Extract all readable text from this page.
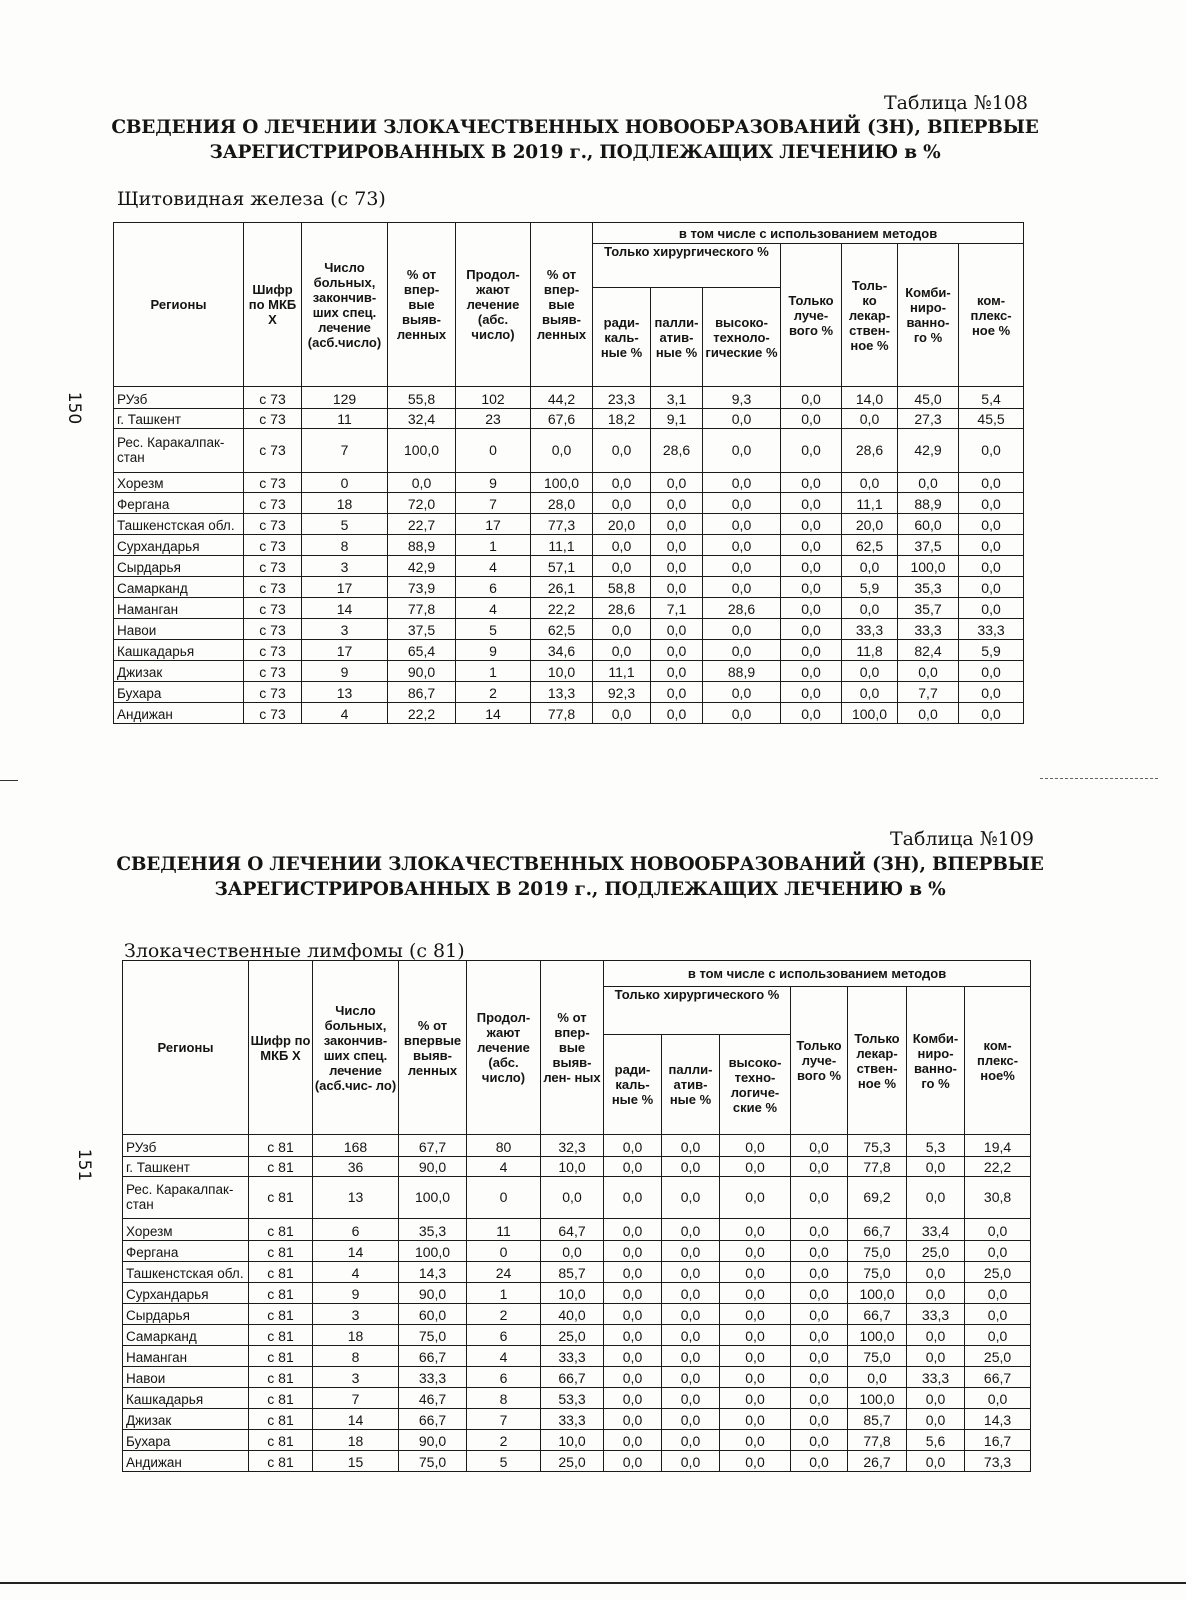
Таблица №108
СВЕДЕНИЯ О ЛЕЧЕНИИ ЗЛОКАЧЕСТВЕННЫХ НОВООБРАЗОВАНИЙ (ЗН), ВПЕРВЫЕ
ЗАРЕГИСТРИРОВАННЫХ В 2019 г., ПОДЛЕЖАЩИХ ЛЕЧЕНИЮ в %
Щитовидная железа (с 73)
150
Регионы	Шифр по МКБ Х	Число больных, закончив- ших спец. лечение (асб.число)	% от впер- вые выяв- ленных	Продол- жают лечение (абс. число)	% от впер- вые выяв- ленных	в том числе с использованием методов						
						Только хирургического %			Только луче- вого %	Толь- ко лекар- ствен- ное %	Комби- ниро- ванно- го %	ком- плекс- ное %
						ради- каль- ные %	палли- атив- ные %	высоко- техноло- гические %				
РУзб	с 73	129	55,8	102	44,2	23,3	3,1	9,3	0,0	14,0	45,0	5,4
г. Ташкент	с 73	11	32,4	23	67,6	18,2	9,1	0,0	0,0	0,0	27,3	45,5
Рес. Каракалпак- стан	с 73	7	100,0	0	0,0	0,0	28,6	0,0	0,0	28,6	42,9	0,0
Хорезм	с 73	0	0,0	9	100,0	0,0	0,0	0,0	0,0	0,0	0,0	0,0
Фергана	с 73	18	72,0	7	28,0	0,0	0,0	0,0	0,0	11,1	88,9	0,0
Ташкенстская обл.	с 73	5	22,7	17	77,3	20,0	0,0	0,0	0,0	20,0	60,0	0,0
Сурхандарья	с 73	8	88,9	1	11,1	0,0	0,0	0,0	0,0	62,5	37,5	0,0
Сырдарья	с 73	3	42,9	4	57,1	0,0	0,0	0,0	0,0	0,0	100,0	0,0
Самарканд	с 73	17	73,9	6	26,1	58,8	0,0	0,0	0,0	5,9	35,3	0,0
Наманган	с 73	14	77,8	4	22,2	28,6	7,1	28,6	0,0	0,0	35,7	0,0
Навои	с 73	3	37,5	5	62,5	0,0	0,0	0,0	0,0	33,3	33,3	33,3
Кашкадарья	с 73	17	65,4	9	34,6	0,0	0,0	0,0	0,0	11,8	82,4	5,9
Джизак	с 73	9	90,0	1	10,0	11,1	0,0	88,9	0,0	0,0	0,0	0,0
Бухара	с 73	13	86,7	2	13,3	92,3	0,0	0,0	0,0	0,0	7,7	0,0
Андижан	с 73	4	22,2	14	77,8	0,0	0,0	0,0	0,0	100,0	0,0	0,0
Таблица №109
СВЕДЕНИЯ О ЛЕЧЕНИИ ЗЛОКАЧЕСТВЕННЫХ НОВООБРАЗОВАНИЙ (ЗН), ВПЕРВЫЕ
ЗАРЕГИСТРИРОВАННЫХ В 2019 г., ПОДЛЕЖАЩИХ ЛЕЧЕНИЮ в %
Злокачественные лимфомы (с 81)
151
Регионы	Шифр по МКБ Х	Число больных, закончив- ших спец. лечение (асб.чис- ло)	% от впервые выяв- ленных	Продол- жают лечение (абс. число)	% от впер- вые выяв- лен- ных	в том числе с использованием методов						
						Только хирургического %			Только луче- вого %	Только лекар- ствен- ное %	Комби- ниро- ванно- го %	ком- плекс- ное%
						ради- каль- ные %	палли- атив- ные %	высоко- техно- логиче- ские %				
РУзб	с 81	168	67,7	80	32,3	0,0	0,0	0,0	0,0	75,3	5,3	19,4
г. Ташкент	с 81	36	90,0	4	10,0	0,0	0,0	0,0	0,0	77,8	0,0	22,2
Рес. Каракалпак- стан	с 81	13	100,0	0	0,0	0,0	0,0	0,0	0,0	69,2	0,0	30,8
Хорезм	с 81	6	35,3	11	64,7	0,0	0,0	0,0	0,0	66,7	33,4	0,0
Фергана	с 81	14	100,0	0	0,0	0,0	0,0	0,0	0,0	75,0	25,0	0,0
Ташкенстская обл.	с 81	4	14,3	24	85,7	0,0	0,0	0,0	0,0	75,0	0,0	25,0
Сурхандарья	с 81	9	90,0	1	10,0	0,0	0,0	0,0	0,0	100,0	0,0	0,0
Сырдарья	с 81	3	60,0	2	40,0	0,0	0,0	0,0	0,0	66,7	33,3	0,0
Самарканд	с 81	18	75,0	6	25,0	0,0	0,0	0,0	0,0	100,0	0,0	0,0
Наманган	с 81	8	66,7	4	33,3	0,0	0,0	0,0	0,0	75,0	0,0	25,0
Навои	с 81	3	33,3	6	66,7	0,0	0,0	0,0	0,0	0,0	33,3	66,7
Кашкадарья	с 81	7	46,7	8	53,3	0,0	0,0	0,0	0,0	100,0	0,0	0,0
Джизак	с 81	14	66,7	7	33,3	0,0	0,0	0,0	0,0	85,7	0,0	14,3
Бухара	с 81	18	90,0	2	10,0	0,0	0,0	0,0	0,0	77,8	5,6	16,7
Андижан	с 81	15	75,0	5	25,0	0,0	0,0	0,0	0,0	26,7	0,0	73,3
